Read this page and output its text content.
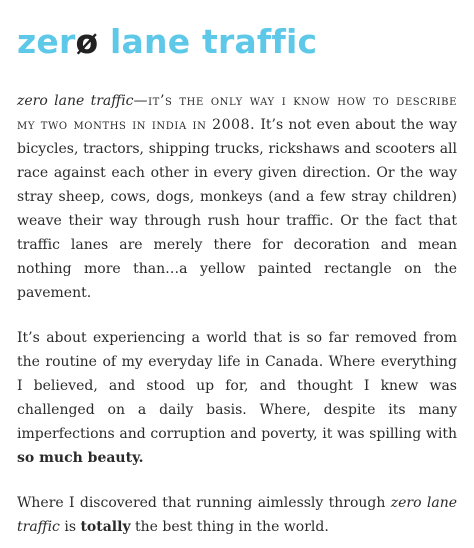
zerø lane traffic

zero lane traffic—it’s the only way i know how to describe my two months in india in 2008. It’s not even about the way bicycles, tractors, shipping trucks, rickshaws and scooters all race against each other in every given direction. Or the way stray sheep, cows, dogs, monkeys (and a few stray children) weave their way through rush hour traffic. Or the fact that traffic lanes are merely there for decoration and mean nothing more than…a yellow painted rectangle on the pavement.

It’s about experiencing a world that is so far removed from the routine of my everyday life in Canada. Where everything I believed, and stood up for, and thought I knew was challenged on a daily basis. Where, despite its many imperfections and corruption and poverty, it was spilling with so much beauty.

Where I discovered that running aimlessly through zero lane traffic is totally the best thing in the world.
